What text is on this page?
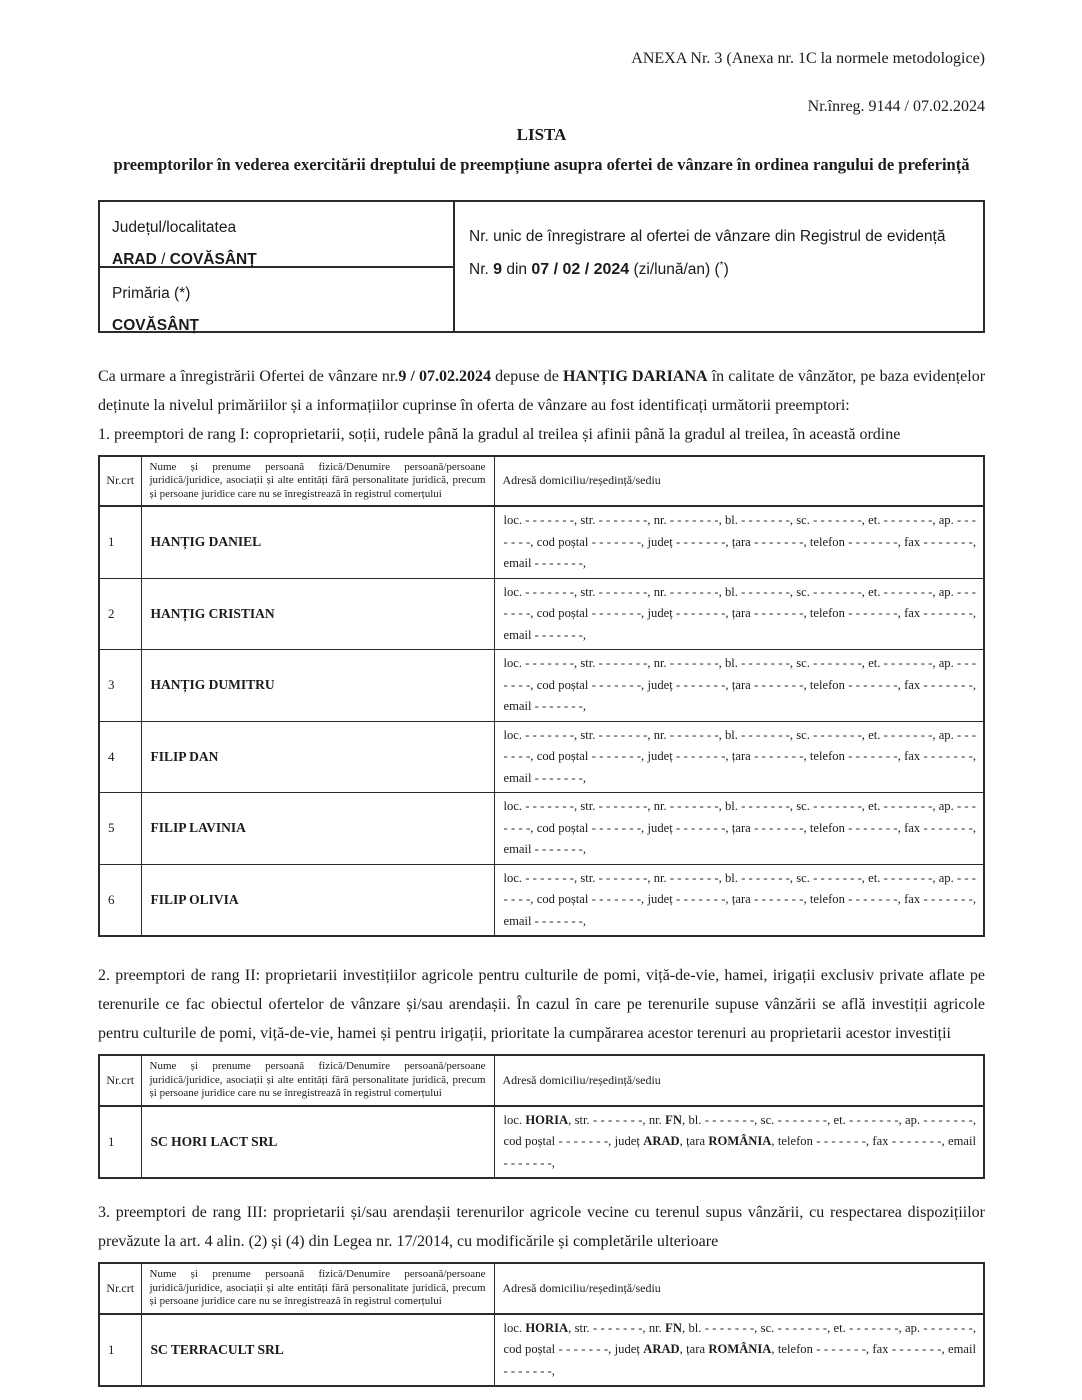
ANEXA Nr. 3 (Anexa nr. 1C la normele metodologice)
Nr.înreg. 9144 / 07.02.2024
LISTA
preemptorilor în vederea exercitării dreptului de preempțiune asupra ofertei de vânzare în ordinea rangului de preferință
Județul/localitatea
ARAD / COVĂSÂNȚ

Nr. unic de înregistrare al ofertei de vânzare din Registrul de evidență

Nr. 9 din 07 / 02 / 2024 (zi/lună/an) (*)

Primăria (*)
COVĂSÂNȚ

Ca urmare a înregistrării Ofertei de vânzare nr.9 / 07.02.2024 depuse de HANȚIG DARIANA în calitate de vânzător, pe baza evidențelor deținute la nivelul primăriilor și a informațiilor cuprinse în oferta de vânzare au fost identificați următorii preemptori:

1. preemptori de rang I: coproprietarii, soții, rudele până la gradul al treilea și afinii până la gradul al treilea, în această ordine

Nr.crt	Nume și prenume persoană fizică/Denumire persoană/persoane juridică/juridice, asociații și alte entități fără personalitate juridică, precum și persoane juridice care nu se înregistrează în registrul comerțului	Adresă domiciliu/reședință/sediu
1	HANȚIG DANIEL	loc. - - - - - - -, str. - - - - - - -, nr. - - - - - - -, bl. - - - - - - -, sc. - - - - - - -, et. - - - - - - -, ap. - - - - - - -, cod poștal - - - - - - -, județ - - - - - - -, țara - - - - - - -, telefon - - - - - - -, fax - - - - - - -, email - - - - - - -,
2	HANȚIG CRISTIAN	loc. - - - - - - -, str. - - - - - - -, nr. - - - - - - -, bl. - - - - - - -, sc. - - - - - - -, et. - - - - - - -, ap. - - - - - - -, cod poștal - - - - - - -, județ - - - - - - -, țara - - - - - - -, telefon - - - - - - -, fax - - - - - - -, email - - - - - - -,
3	HANȚIG DUMITRU	loc. - - - - - - -, str. - - - - - - -, nr. - - - - - - -, bl. - - - - - - -, sc. - - - - - - -, et. - - - - - - -, ap. - - - - - - -, cod poștal - - - - - - -, județ - - - - - - -, țara - - - - - - -, telefon - - - - - - -, fax - - - - - - -, email - - - - - - -,
4	FILIP DAN	loc. - - - - - - -, str. - - - - - - -, nr. - - - - - - -, bl. - - - - - - -, sc. - - - - - - -, et. - - - - - - -, ap. - - - - - - -, cod poștal - - - - - - -, județ - - - - - - -, țara - - - - - - -, telefon - - - - - - -, fax - - - - - - -, email - - - - - - -,
5	FILIP LAVINIA	loc. - - - - - - -, str. - - - - - - -, nr. - - - - - - -, bl. - - - - - - -, sc. - - - - - - -, et. - - - - - - -, ap. - - - - - - -, cod poștal - - - - - - -, județ - - - - - - -, țara - - - - - - -, telefon - - - - - - -, fax - - - - - - -, email - - - - - - -,
6	FILIP OLIVIA	loc. - - - - - - -, str. - - - - - - -, nr. - - - - - - -, bl. - - - - - - -, sc. - - - - - - -, et. - - - - - - -, ap. - - - - - - -, cod poștal - - - - - - -, județ - - - - - - -, țara - - - - - - -, telefon - - - - - - -, fax - - - - - - -, email - - - - - - -,

2. preemptori de rang II: proprietarii investițiilor agricole pentru culturile de pomi, viță-de-vie, hamei, irigații exclusiv private aflate pe terenurile ce fac obiectul ofertelor de vânzare și/sau arendașii. În cazul în care pe terenurile supuse vânzării se află investiții agricole pentru culturile de pomi, viță-de-vie, hamei și pentru irigații, prioritate la cumpărarea acestor terenuri au proprietarii acestor investiții

Nr.crt	Nume și prenume persoană fizică/Denumire persoană/persoane juridică/juridice, asociații și alte entități fără personalitate juridică, precum și persoane juridice care nu se înregistrează în registrul comerțului	Adresă domiciliu/reședință/sediu
1	SC HORI LACT SRL	loc. HORIA, str. - - - - - - -, nr. FN, bl. - - - - - - -, sc. - - - - - - -, et. - - - - - - -, ap. - - - - - - -, cod poștal - - - - - - -, județ ARAD, țara ROMÂNIA, telefon - - - - - - -, fax - - - - - - -, email - - - - - - -,

3. preemptori de rang III: proprietarii și/sau arendașii terenurilor agricole vecine cu terenul supus vânzării, cu respectarea dispozițiilor prevăzute la art. 4 alin. (2) și (4) din Legea nr. 17/2014, cu modificările și completările ulterioare

Nr.crt	Nume și prenume persoană fizică/Denumire persoană/persoane juridică/juridice, asociații și alte entități fără personalitate juridică, precum și persoane juridice care nu se înregistrează în registrul comerțului	Adresă domiciliu/reședință/sediu
1	SC TERRACULT SRL	loc. HORIA, str. - - - - - - -, nr. FN, bl. - - - - - - -, sc. - - - - - - -, et. - - - - - - -, ap. - - - - - - -, cod poștal - - - - - - -, județ ARAD, țara ROMÂNIA, telefon - - - - - - -, fax - - - - - - -, email - - - - - - -,
